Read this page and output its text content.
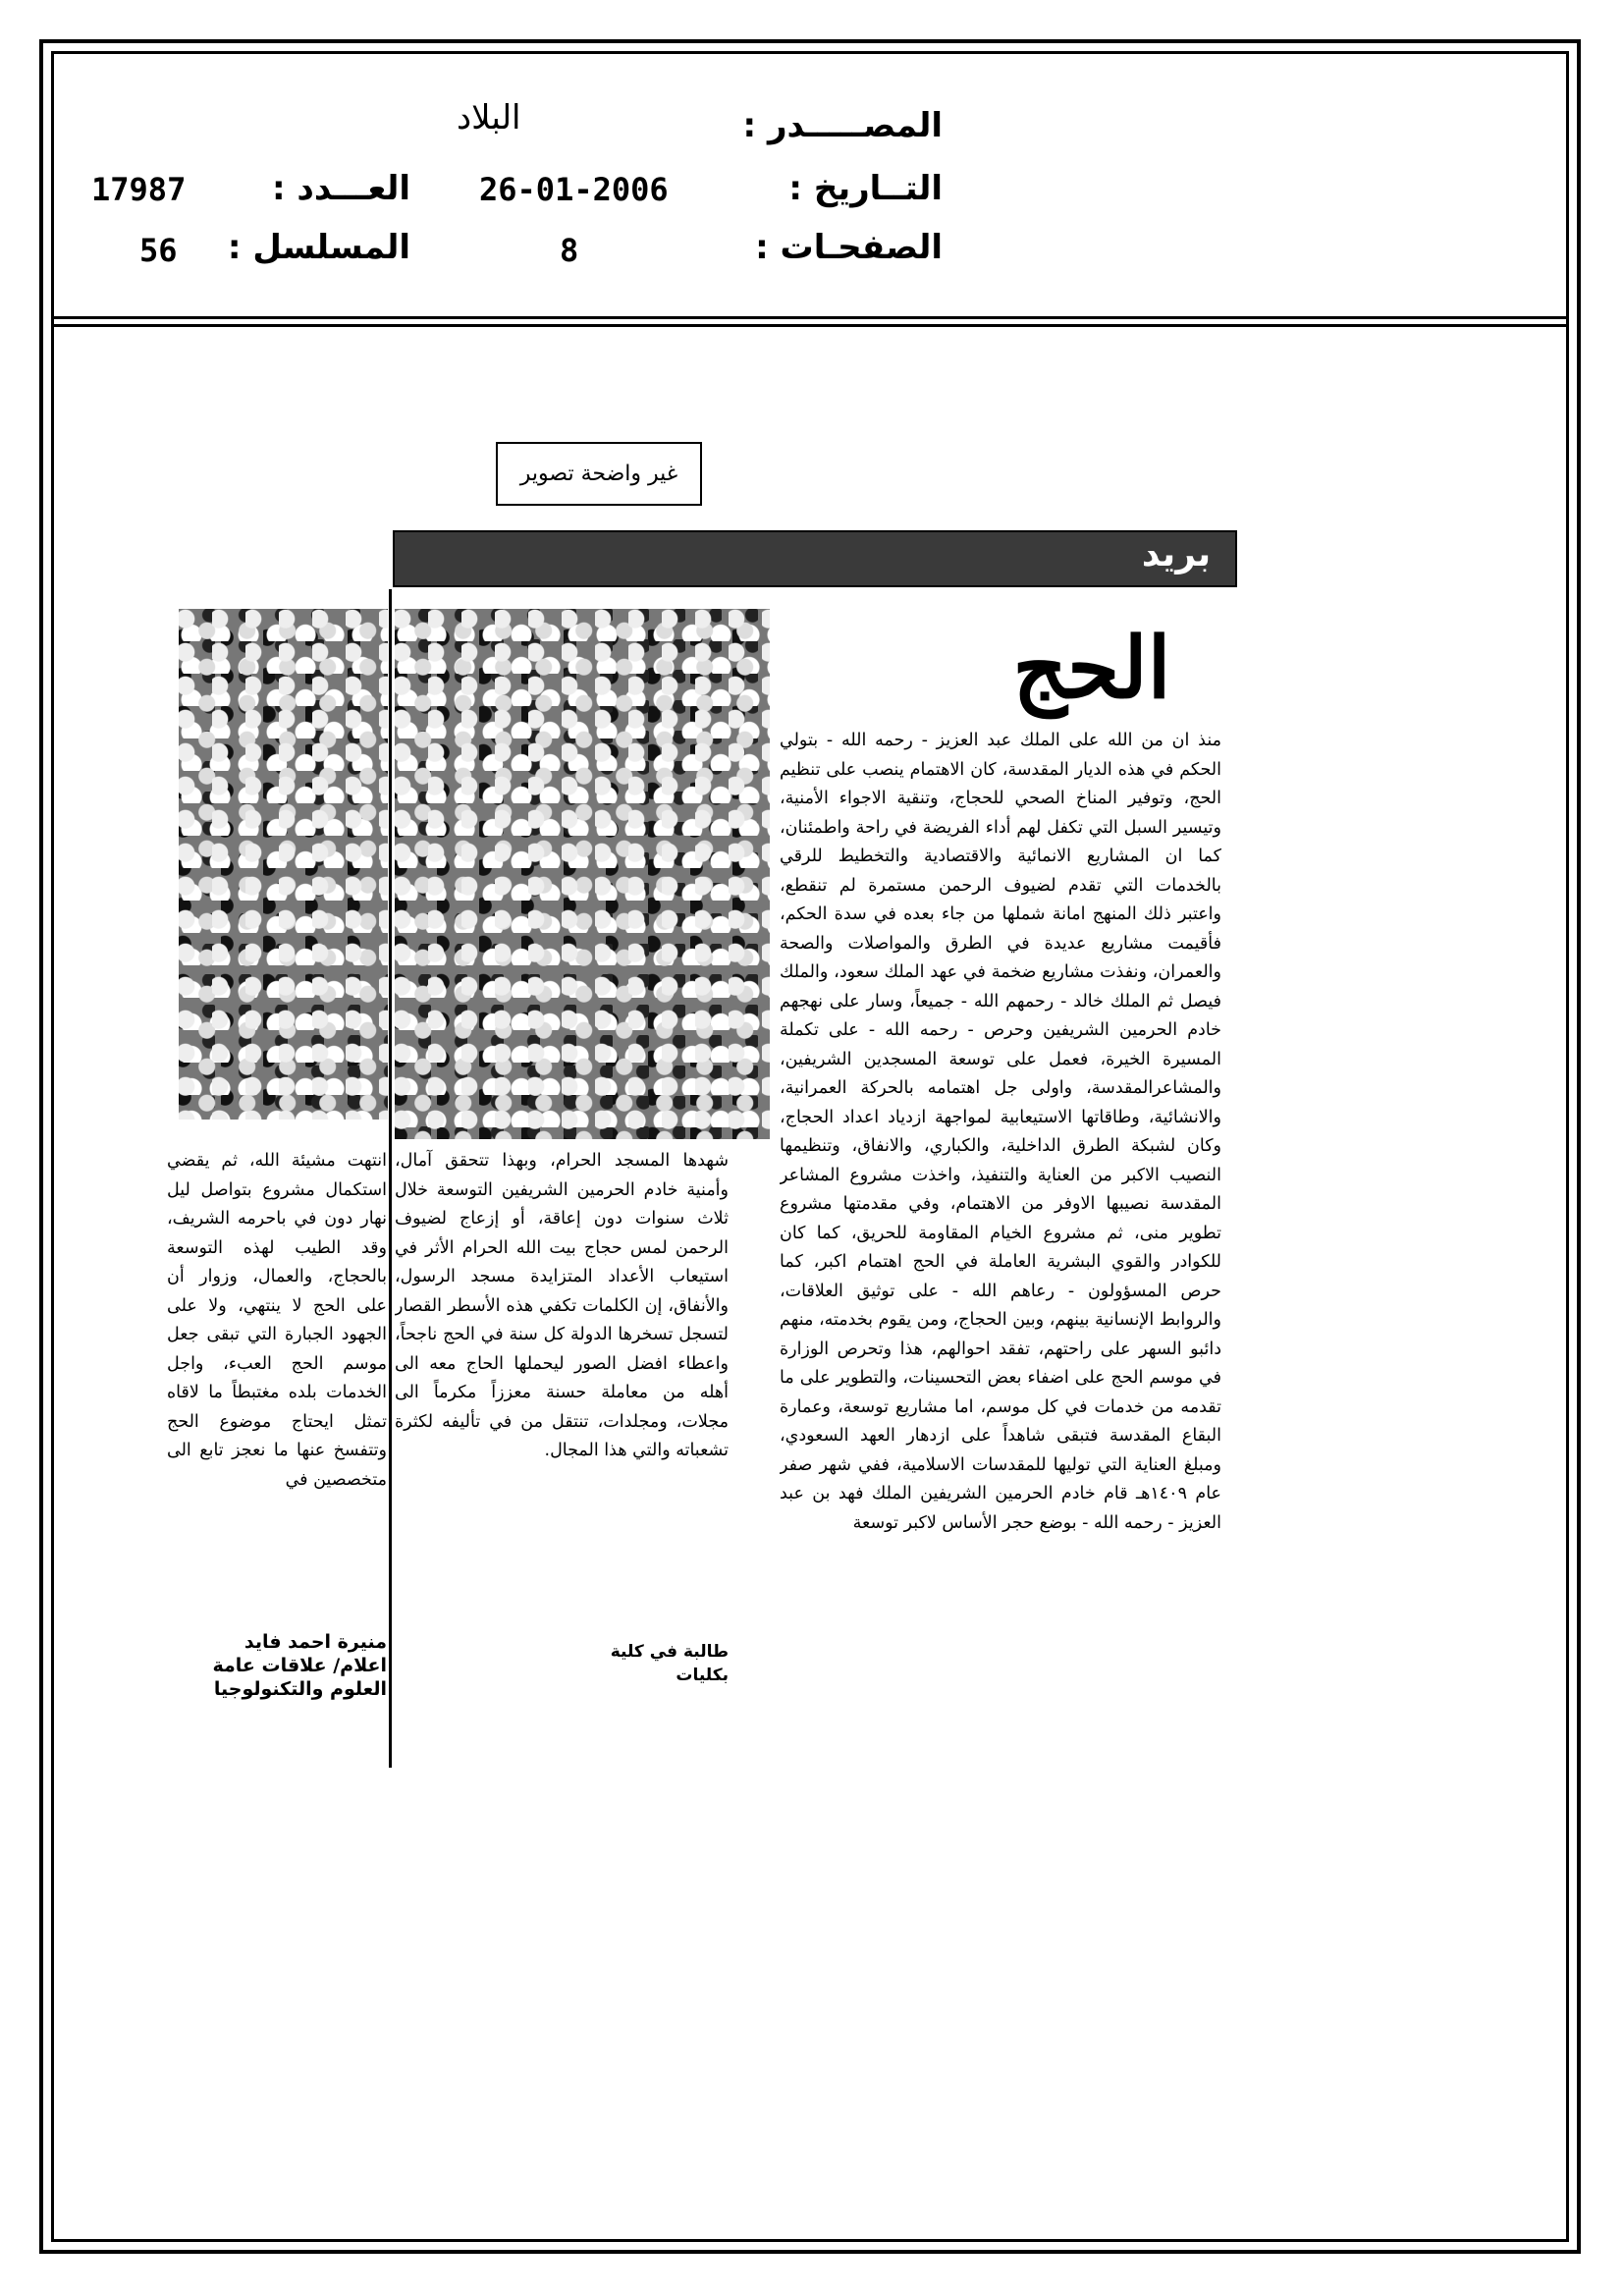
المصـــــدر :
البلاد
التــاريخ :
26-01-2006
العـــدد :
17987
الصفحـات :
8
المسلسل :
56
غير واضحة تصوير
بريد
الحج
منذ ان من الله على الملك عبد العزيز - رحمه الله - بتولي الحكم في هذه الديار المقدسة، كان الاهتمام ينصب على تنظيم الحج، وتوفير المناخ الصحي للحجاج، وتنقية الاجواء الأمنية، وتيسير السبل التي تكفل لهم أداء الفريضة في راحة واطمئنان، كما ان المشاريع الانمائية والاقتصادية والتخطيط للرقي بالخدمات التي تقدم لضيوف الرحمن مستمرة لم تنقطع، واعتبر ذلك المنهج امانة شملها من جاء بعده في سدة الحكم، فأقيمت مشاريع عديدة في الطرق والمواصلات والصحة والعمران، ونفذت مشاريع ضخمة في عهد الملك سعود، والملك فيصل ثم الملك خالد - رحمهم الله - جميعاً، وسار على نهجهم خادم الحرمين الشريفين وحرص - رحمه الله - على تكملة المسيرة الخيرة، فعمل على توسعة المسجدين الشريفين، والمشاعرالمقدسة، واولى جل اهتمامه بالحركة العمرانية، والانشائية، وطاقاتها الاستيعابية لمواجهة ازدياد اعداد الحجاج، وكان لشبكة الطرق الداخلية، والكباري، والانفاق، وتنظيمها النصيب الاكبر من العناية والتنفيذ، واخذت مشروع المشاعر المقدسة نصيبها الاوفر من الاهتمام، وفي مقدمتها مشروع تطوير منى، ثم مشروع الخيام المقاومة للحريق، كما كان للكوادر والقوي البشرية العاملة في الحج اهتمام اكبر، كما حرص المسؤولون - رعاهم الله - على توثيق العلاقات، والروابط الإنسانية بينهم، وبين الحجاج، ومن يقوم بخدمته، منهم دائبو السهر على راحتهم، تفقد احوالهم، هذا وتحرص الوزارة في موسم الحج على اضفاء بعض التحسينات، والتطوير على ما تقدمه من خدمات في كل موسم، اما مشاريع توسعة، وعمارة البقاع المقدسة فتبقى شاهداً على ازدهار العهد السعودي، ومبلغ العناية التي توليها للمقدسات الاسلامية، ففي شهر صفر عام ١٤٠٩هـ قام خادم الحرمين الشريفين الملك فهد بن عبد العزيز - رحمه الله - بوضع حجر الأساس لاكبر توسعة
شهدها المسجد الحرام، وبهذا تتحقق آمال، وأمنية خادم الحرمين الشريفين التوسعة خلال ثلاث سنوات دون إعاقة، أو إزعاج لضيوف الرحمن لمس حجاج بيت الله الحرام الأثر في استيعاب الأعداد المتزايدة مسجد الرسول، والأنفاق، إن الكلمات تكفي هذه الأسطر القصار لتسجل تسخرها الدولة كل سنة في الحج ناجحاً، واعطاء افضل الصور ليحملها الحاج معه الى أهله من معاملة حسنة معززاً مكرماً الى مجلات، ومجلدات، تنتقل من في تأليفه لكثرة تشعباته والتي هذا المجال.
انتهت مشيئة الله، ثم يقضي استكمال مشروع بتواصل ليل نهار دون في باحرمه الشريف، وقد الطيب لهذه التوسعة بالحجاج، والعمال، وزوار أن على الحج لا ينتهي، ولا على الجهود الجبارة التي تبقى جعل موسم الحج العبء، واجل الخدمات بلده مغتبطاً ما لاقاه تمثل ايحتاج موضوع الحج وتتفسخ عنها ما نعجز تابع الى متخصصين في
منيرة احمد فايد
اعلام/ علاقات عامة
العلوم والتكنولوجيا
طالبة في كلية
بكليات
